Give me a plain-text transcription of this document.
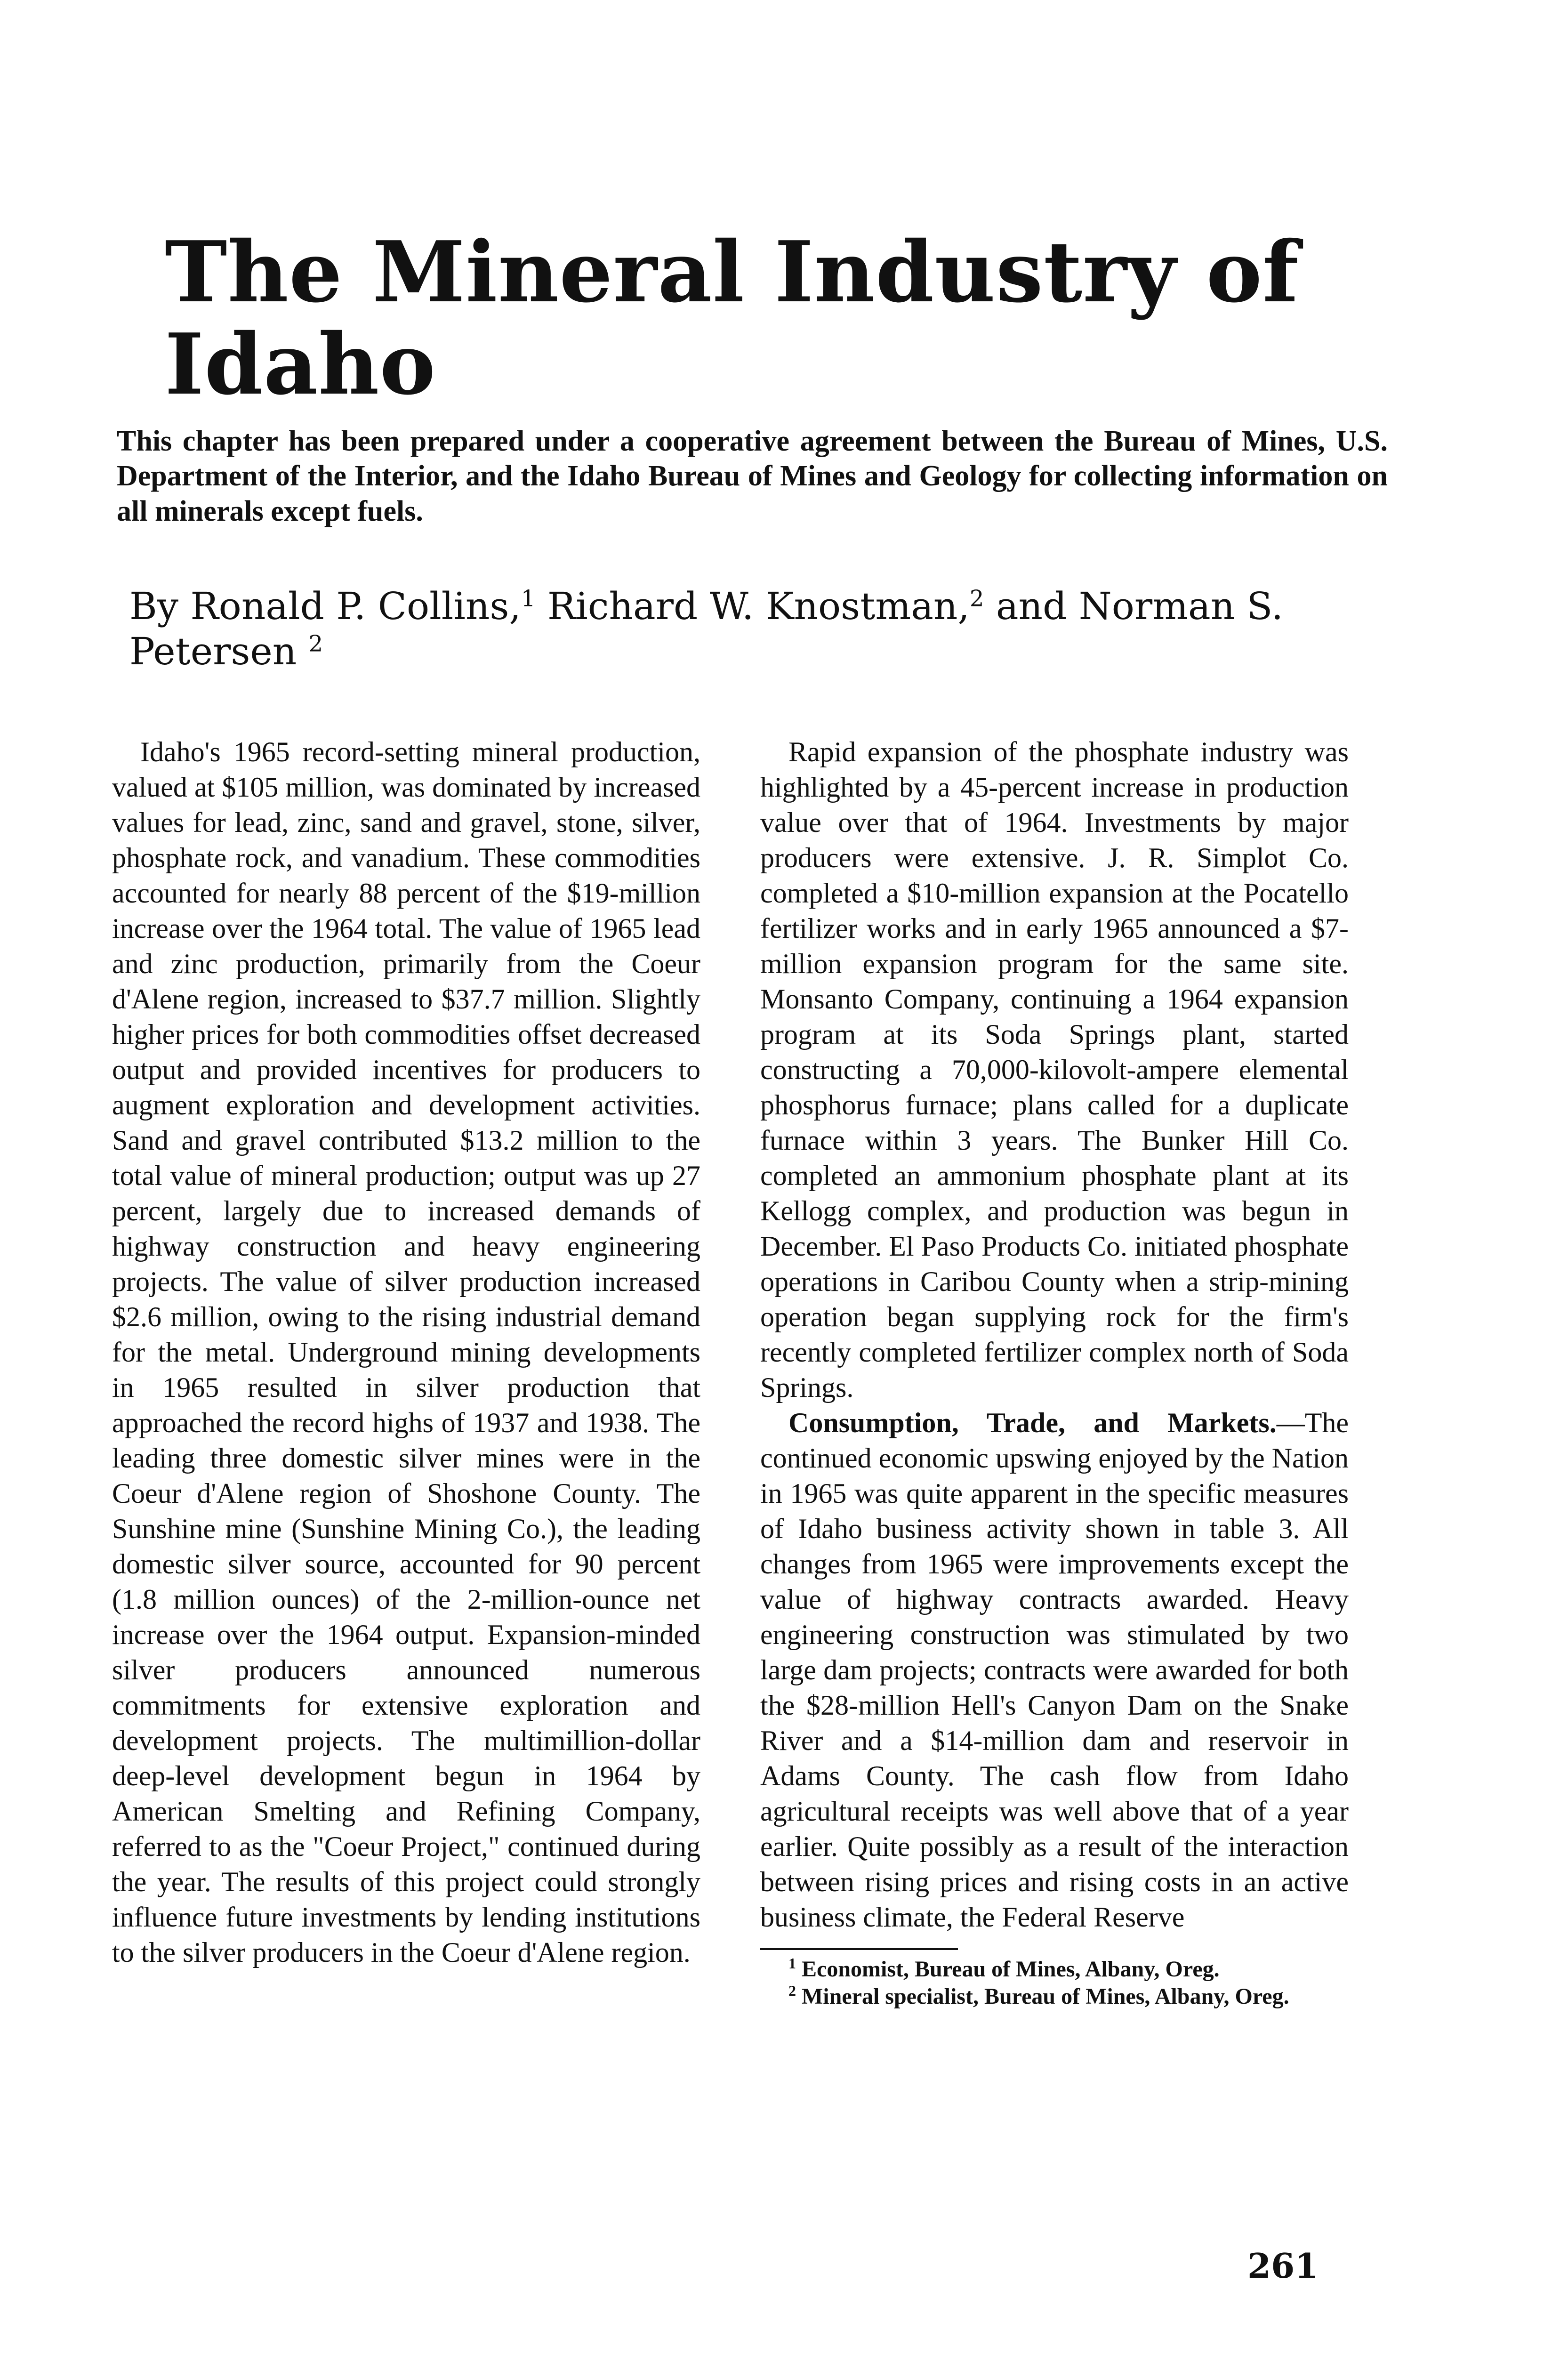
The Mineral Industry of Idaho

This chapter has been prepared under a cooperative agreement between the Bureau of Mines, U.S. Department of the Interior, and the Idaho Bureau of Mines and Geology for collecting information on all minerals except fuels.

By Ronald P. Collins,$^1$ Richard W. Knostman,$^2$ and Norman S. Petersen $^2$

Idaho's 1965 record-setting mineral production, valued at $105 million, was dominated by increased values for lead, zinc, sand and gravel, stone, silver, phosphate rock, and vanadium. These commodities accounted for nearly 88 percent of the $19-million increase over the 1964 total. The value of 1965 lead and zinc production, primarily from the Coeur d'Alene region, increased to $37.7 million. Slightly higher prices for both commodities offset decreased output and provided incentives for producers to augment exploration and development activities. Sand and gravel contributed $13.2 million to the total value of mineral production; output was up 27 percent, largely due to increased demands of highway construction and heavy engineering projects. The value of silver production increased $2.6 million, owing to the rising industrial demand for the metal. Underground mining developments in 1965 resulted in silver production that approached the record highs of 1937 and 1938. The leading three domestic silver mines were in the Coeur d'Alene region of Shoshone County. The Sunshine mine (Sunshine Mining Co.), the leading domestic silver source, accounted for 90 percent (1.8 million ounces) of the 2-million-ounce net increase over the 1964 output. Expansion-minded silver producers announced numerous commitments for extensive exploration and development projects. The multimillion-dollar deep-level development begun in 1964 by American Smelting and Refining Company, referred to as the "Coeur Project," continued during the year. The results of this project could strongly influence future investments by lending institutions to the silver producers in the Coeur d'Alene region.

Rapid expansion of the phosphate industry was highlighted by a 45-percent increase in production value over that of 1964. Investments by major producers were extensive. J. R. Simplot Co. completed a $10-million expansion at the Pocatello fertilizer works and in early 1965 announced a $7-million expansion program for the same site. Monsanto Company, continuing a 1964 expansion program at its Soda Springs plant, started constructing a 70,000-kilovolt-ampere elemental phosphorus furnace; plans called for a duplicate furnace within 3 years. The Bunker Hill Co. completed an ammonium phosphate plant at its Kellogg complex, and production was begun in December. El Paso Products Co. initiated phosphate operations in Caribou County when a strip-mining operation began supplying rock for the firm's recently completed fertilizer complex north of Soda Springs.

Consumption, Trade, and Markets.—The continued economic upswing enjoyed by the Nation in 1965 was quite apparent in the specific measures of Idaho business activity shown in table 3. All changes from 1965 were improvements except the value of highway contracts awarded. Heavy engineering construction was stimulated by two large dam projects; contracts were awarded for both the $28-million Hell's Canyon Dam on the Snake River and a $14-million dam and reservoir in Adams County. The cash flow from Idaho agricultural receipts was well above that of a year earlier. Quite possibly as a result of the interaction between rising prices and rising costs in an active business climate, the Federal Reserve

$^1$ Economist, Bureau of Mines, Albany, Oreg.

$^2$ Mineral specialist, Bureau of Mines, Albany, Oreg.

261
